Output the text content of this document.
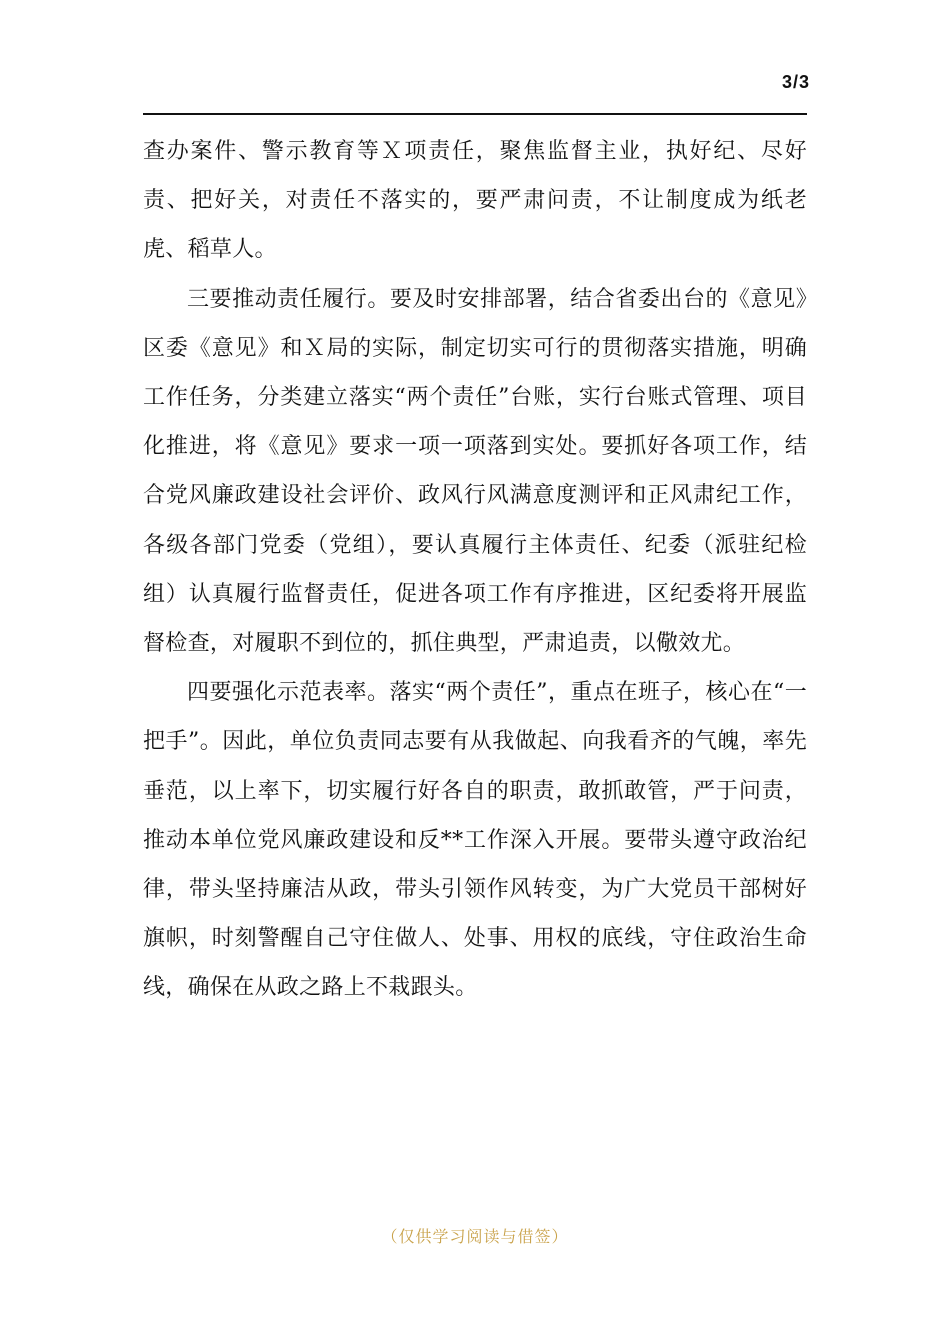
3/3

查办案件、警示教育等Ｘ项责任，聚焦监督主业，执好纪、尽好责、把好关，对责任不落实的，要严肃问责，不让制度成为纸老虎、稻草人。

三要推动责任履行。要及时安排部署，结合省委出台的《意见》区委《意见》和Ｘ局的实际，制定切实可行的贯彻落实措施，明确工作任务，分类建立落实“两个责任”台账，实行台账式管理、项目化推进，将《意见》要求一项一项落到实处。要抓好各项工作，结合党风廉政建设社会评价、政风行风满意度测评和正风肃纪工作，各级各部门党委（党组），要认真履行主体责任、纪委（派驻纪检组）认真履行监督责任，促进各项工作有序推进，区纪委将开展监督检查，对履职不到位的，抓住典型，严肃追责，以儆效尤。

四要强化示范表率。落实“两个责任”，重点在班子，核心在“一把手”。因此，单位负责同志要有从我做起、向我看齐的气魄，率先垂范，以上率下，切实履行好各自的职责，敢抓敢管，严于问责，推动本单位党风廉政建设和反**工作深入开展。要带头遵守政治纪律，带头坚持廉洁从政，带头引领作风转变，为广大党员干部树好旗帜，时刻警醒自己守住做人、处事、用权的底线，守住政治生命线，确保在从政之路上不栽跟头。

（仅供学习阅读与借签）
